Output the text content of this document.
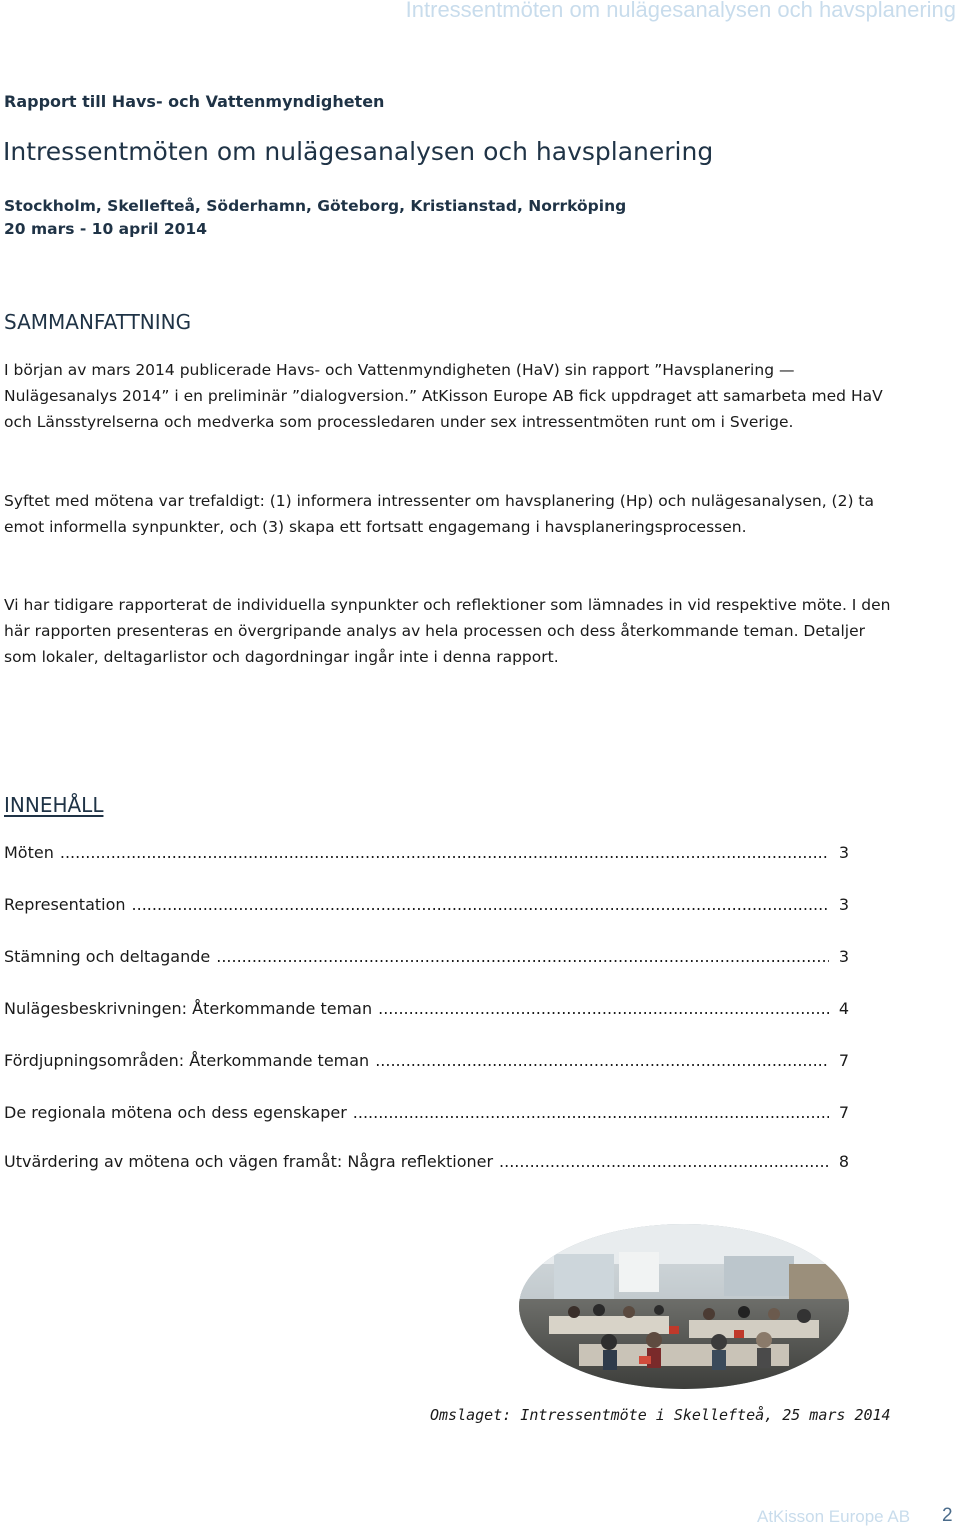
Intressentmöten om nulägesanalysen och havsplanering
Rapport till Havs- och Vattenmyndigheten
Intressentmöten om nulägesanalysen och havsplanering
Stockholm, Skellefteå, Söderhamn, Göteborg, Kristianstad, Norrköping
20 mars - 10 april 2014
SAMMANFATTNING

I början av mars 2014 publicerade Havs- och Vattenmyndigheten (HaV) sin rapport ”Havsplanering — Nulägesanalys 2014” i en preliminär ”dialogversion.” AtKisson Europe AB fick uppdraget att samarbeta med HaV och Länsstyrelserna och medverka som processledaren under sex intressentmöten runt om i Sverige.

Syftet med mötena var trefaldigt: (1) informera intressenter om havsplanering (Hp) och nulägesanalysen, (2) ta emot informella synpunkter, och (3) skapa ett fortsatt engagemang i havsplaneringsprocessen.

Vi har tidigare rapporterat de individuella synpunkter och reflektioner som lämnades in vid respektive möte. I den här rapporten presenteras en övergripande analys av hela processen och dess återkommande teman. Detaljer som lokaler, deltagarlistor och dagordningar ingår inte i denna rapport.

INNEHÅLL
Möten .....	3
Representation .....	3
Stämning och deltagande .....	3
Nulägesbeskrivningen: Återkommande teman .....	4
Fördjupningsområden: Återkommande teman .....	7
De regionala mötena och dess egenskaper .....	7
Utvärdering av mötena och vägen framåt: Några reflektioner .....	8
Omslaget: Intressentmöte i Skellefteå, 25 mars 2014
AtKisson Europe AB 2
